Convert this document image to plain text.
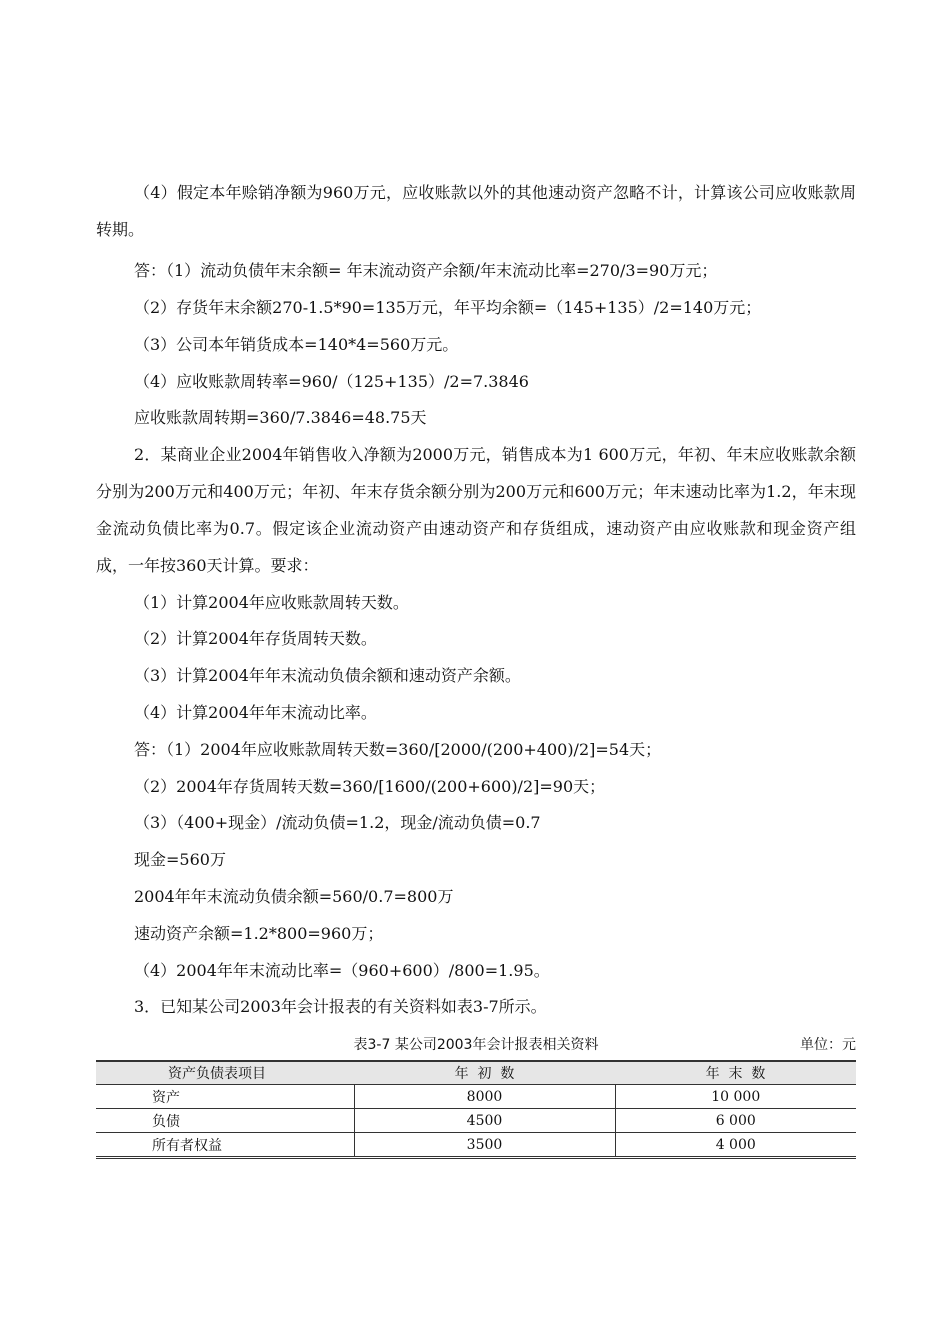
（4）假定本年赊销净额为960万元，应收账款以外的其他速动资产忽略不计，计算该公司应收账款周转期。

答：（1）流动负债年末余额= 年末流动资产余额/年末流动比率=270/3=90万元；

（2）存货年末余额270-1.5*90=135万元，年平均余额=（145+135）/2=140万元；

（3）公司本年销货成本=140*4=560万元。

（4）应收账款周转率=960/（125+135）/2=7.3846

应收账款周转期=360/7.3846=48.75天

2．某商业企业2004年销售收入净额为2000万元，销售成本为1 600万元，年初、年末应收账款余额分别为200万元和400万元；年初、年末存货余额分别为200万元和600万元；年末速动比率为1.2，年末现金流动负债比率为0.7。假定该企业流动资产由速动资产和存货组成，速动资产由应收账款和现金资产组成，一年按360天计算。要求：

（1）计算2004年应收账款周转天数。

（2）计算2004年存货周转天数。

（3）计算2004年年末流动负债余额和速动资产余额。

（4）计算2004年年末流动比率。

答：（1）2004年应收账款周转天数=360/[2000/(200+400)/2]=54天；

（2）2004年存货周转天数=360/[1600/(200+600)/2]=90天；

（3）（400+现金）/流动负债=1.2，现金/流动负债=0.7

现金=560万

2004年年末流动负债余额=560/0.7=800万

速动资产余额=1.2*800=960万；

（4）2004年年末流动比率=（960+600）/800=1.95。

3．已知某公司2003年会计报表的有关资料如表3-7所示。

表3-7 某公司2003年会计报表相关资料	单位：元
资产负债表项目	年  初  数	年  末  数
资产	8000	10 000
负债	4500	6 000
所有者权益	3500	4 000
